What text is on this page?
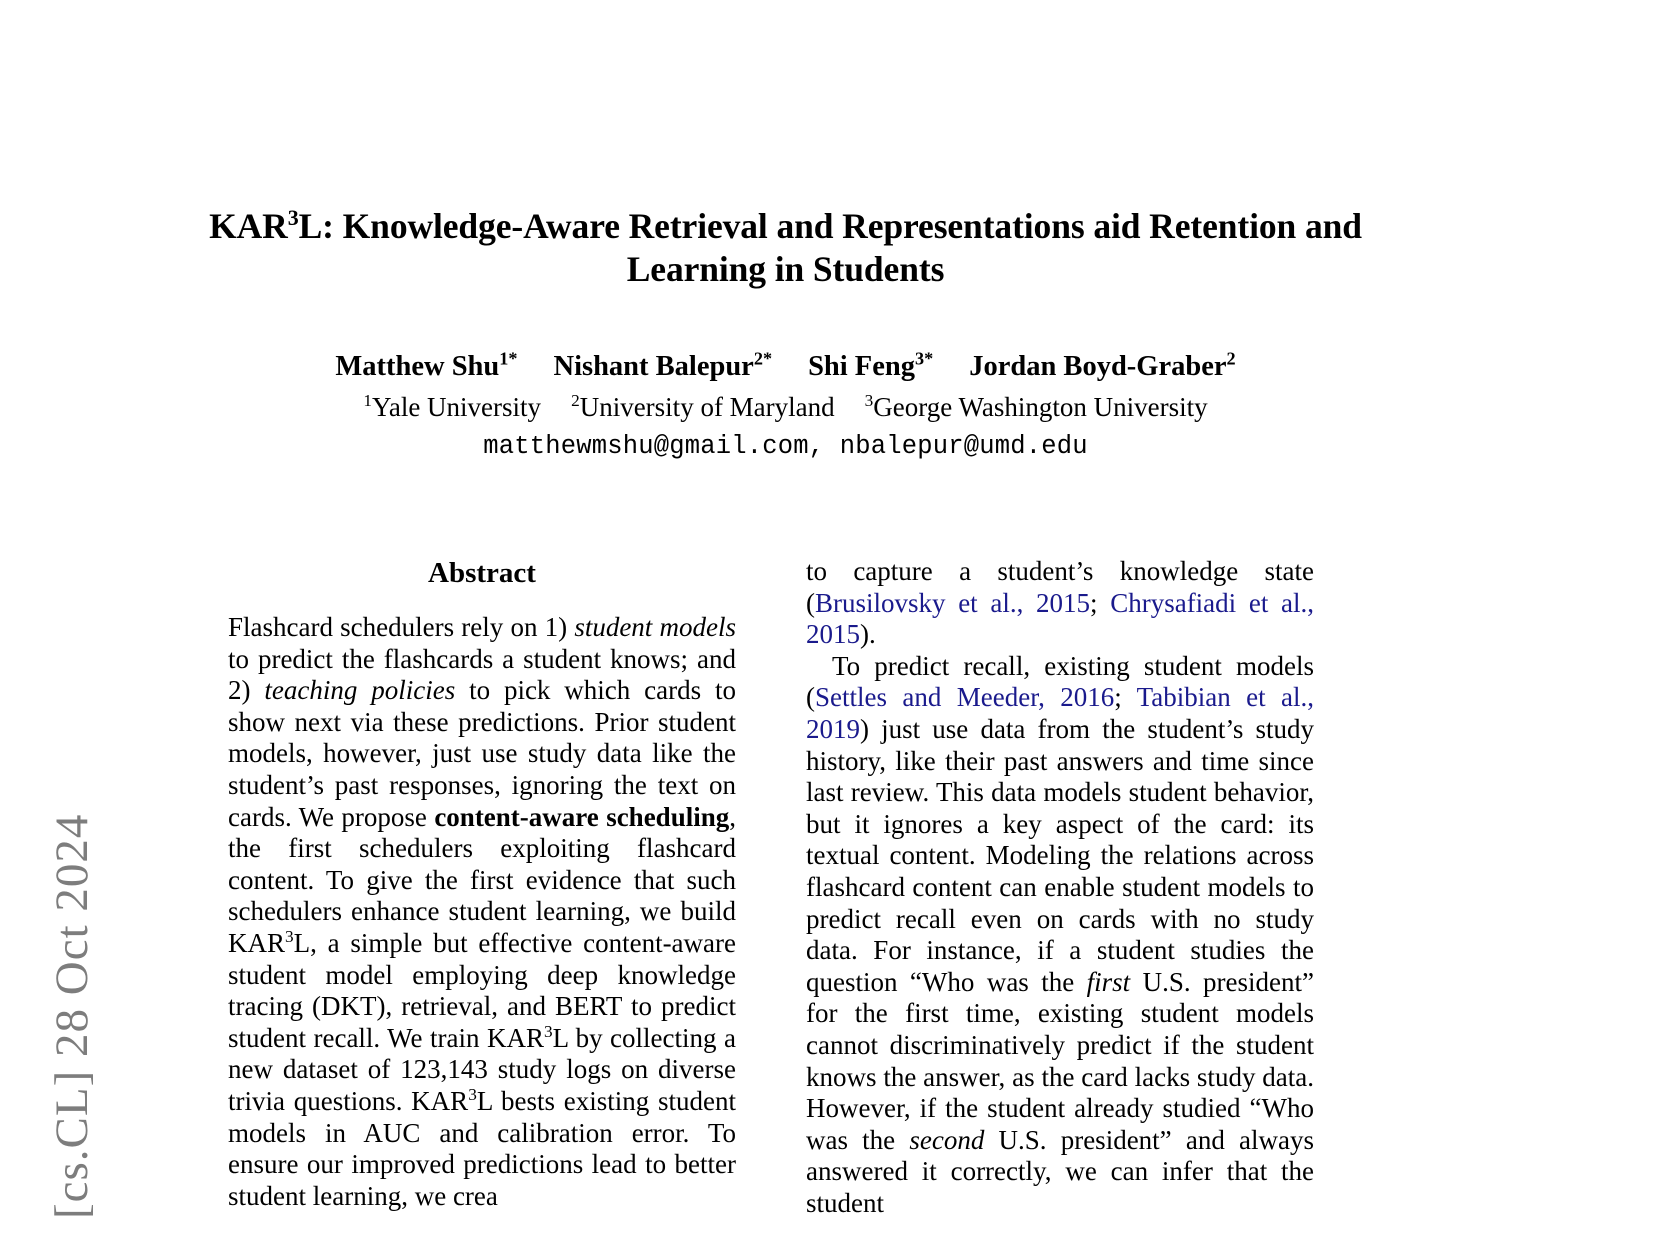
[cs.CL] 28 Oct 2024
KAR$^3$L: Knowledge-Aware Retrieval and Representations aid Retention and Learning in Students
Matthew Shu$^{1*}$ Nishant Balepur$^{2*}$ Shi Feng$^{3*}$ Jordan Boyd-Graber$^2$
$^1$Yale University $^2$University of Maryland $^3$George Washington University
matthewmshu@gmail.com, nbalepur@umd.edu
Abstract

Flashcard schedulers rely on 1) student models to predict the flashcards a student knows; and 2) teaching policies to pick which cards to show next via these predictions. Prior student models, however, just use study data like the student’s past responses, ignoring the text on cards. We propose content-aware scheduling, the first schedulers exploiting flashcard content. To give the first evidence that such schedulers enhance student learning, we build KAR$^3$L, a simple but effective content-aware student model employing deep knowledge tracing (DKT), retrieval, and BERT to predict student recall. We train KAR$^3$L by collecting a new dataset of 123,143 study logs on diverse trivia questions. KAR$^3$L bests existing student models in AUC and calibration error. To ensure our improved predictions lead to better student learning, we crea

to capture a student’s knowledge state (Brusilovsky et al., 2015; Chrysafiadi et al., 2015).

To predict recall, existing student models (Settles and Meeder, 2016; Tabibian et al., 2019) just use data from the student’s study history, like their past answers and time since last review. This data models student behavior, but it ignores a key aspect of the card: its textual content. Modeling the relations across flashcard content can enable student models to predict recall even on cards with no study data. For instance, if a student studies the question “Who was the first U.S. president” for the first time, existing student models cannot discriminatively predict if the student knows the answer, as the card lacks study data. However, if the student already studied “Who was the second U.S. president” and always answered it correctly, we can infer that the student
